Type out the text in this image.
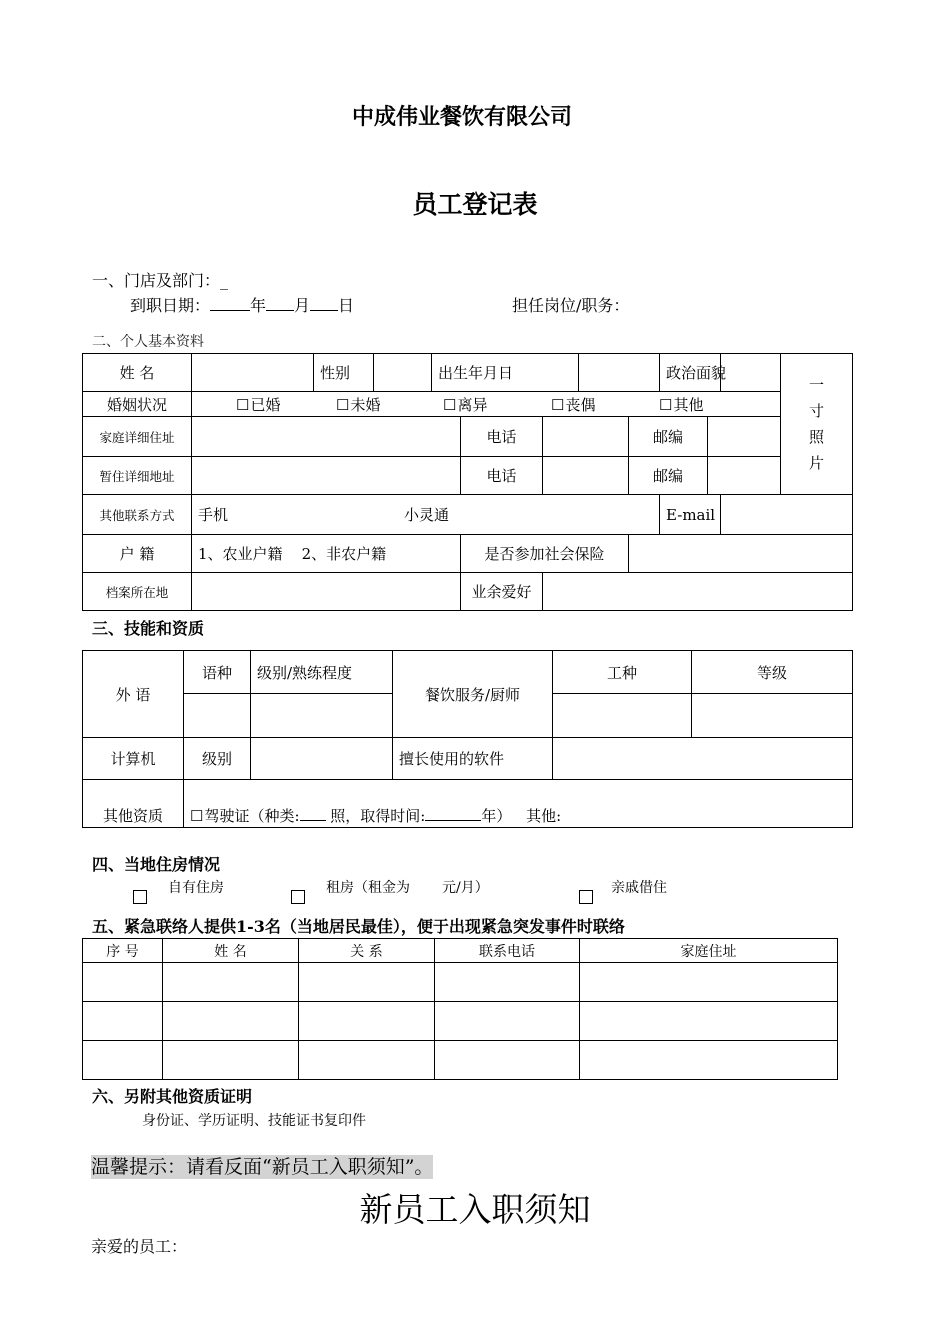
中成伟业餐饮有限公司
员工登记表
一、门店及部门：_
到职日期：	年 月 日	担任岗位/职务：
二、个人基本资料
姓 名		性别		出生年月日					政治面貌			一
寸
照
片

婚姻状况	☐ 已婚 ☐ 未婚 ☐ 离异 ☐ 丧偶 ☐ 其他
家庭详细住址					电话			邮编				
暂住详细地址					电话			邮编				
其他联系方式	手机 小灵通								E-mail			
户 籍	1、农业户籍    2、非农户籍				是否参加社会保险							
档案所在地					业余爱好							
三、技能和资质
外 语	语种	级别/熟练程度	餐饮服务/厨师	工种	等级

计算机	级别		擅长使用的软件		
其他资质	☐ 驾驶证（种类: 照，取得时间: 年） 其他:
四、当地住房情况
自有住房	租房（租金为 元/月）	亲戚借住
五、紧急联络人提供1-3名（当地居民最佳），便于出现紧急突发事件时联络
序 号	姓 名	关 系	联系电话	家庭住址

六、另附其他资质证明
身份证、学历证明、技能证书复印件
温馨提示：请看反面“新员工入职须知”。
新员工入职须知
亲爱的员工：
